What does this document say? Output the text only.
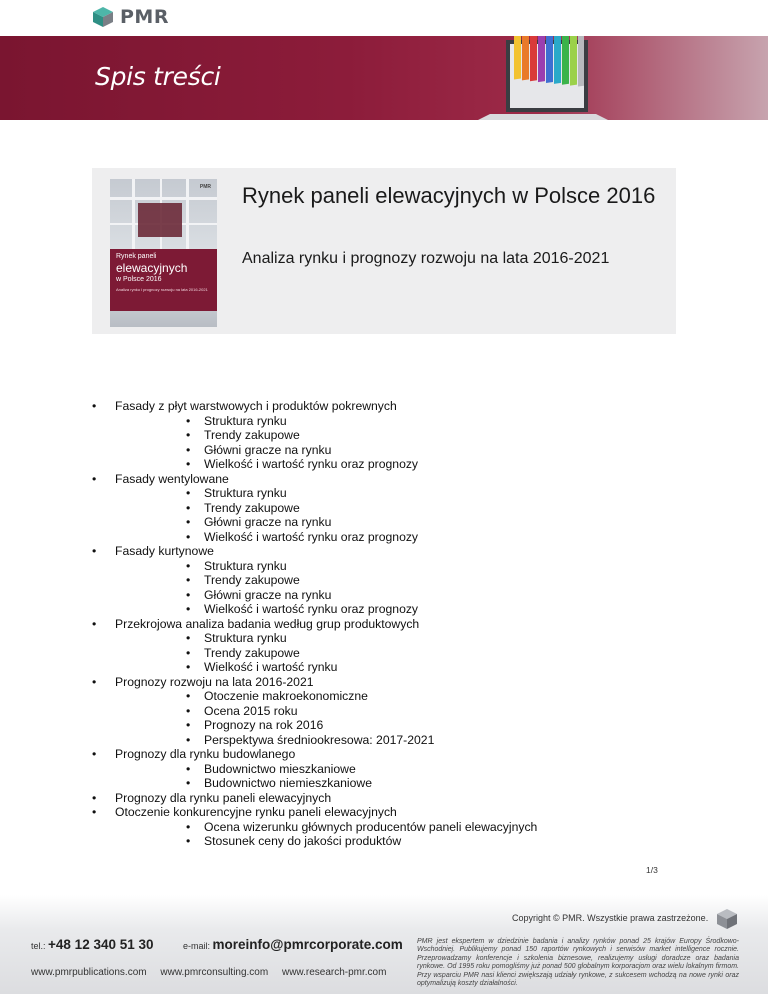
PMR
Spis treści
PMR
Rynek paneli
elewacyjnych
w Polsce 2016
Analiza rynku i prognozy rozwoju na lata 2016-2021
Rynek paneli elewacyjnych w Polsce 2016
Analiza rynku i prognozy rozwoju na lata 2016-2021
• Fasady z płyt warstwowych i produktów pokrewnych
• Struktura rynku
• Trendy zakupowe
• Główni gracze na rynku
• Wielkość i wartość rynku oraz prognozy
• Fasady wentylowane
• Struktura rynku
• Trendy zakupowe
• Główni gracze na rynku
• Wielkość i wartość rynku oraz prognozy
• Fasady kurtynowe
• Struktura rynku
• Trendy zakupowe
• Główni gracze na rynku
• Wielkość i wartość rynku oraz prognozy
• Przekrojowa analiza badania według grup produktowych
• Struktura rynku
• Trendy zakupowe
• Wielkość i wartość rynku
• Prognozy rozwoju na lata 2016-2021
• Otoczenie makroekonomiczne
• Ocena 2015 roku
• Prognozy na rok 2016
• Perspektywa średniookresowa: 2017-2021
• Prognozy dla rynku budowlanego
• Budownictwo mieszkaniowe
• Budownictwo niemieszkaniowe
• Prognozy dla rynku paneli elewacyjnych
• Otoczenie konkurencyjne rynku paneli elewacyjnych
• Ocena wizerunku głównych producentów paneli elewacyjnych
• Stosunek ceny do jakości produktów
1/3
Copyright © PMR. Wszystkie prawa zastrzeżone.
tel.: +48 12 340 51 30	e-mail: moreinfo@pmrcorporate.com
www.pmrpublications.com www.pmrconsulting.com www.research-pmr.com
PMR jest ekspertem w dziedzinie badania i analizy rynków ponad 25 krajów Europy Środkowo-Wschodniej. Publikujemy ponad 150 raportów rynkowych i serwisów market intelligence rocznie. Przeprowadzamy konferencje i szkolenia biznesowe, realizujemy usługi doradcze oraz badania rynkowe. Od 1995 roku pomogliśmy już ponad 500 globalnym korporacjom oraz wielu lokalnym firmom. Przy wsparciu PMR nasi klienci zwiększają udziały rynkowe, z sukcesem wchodzą na nowe rynki oraz optymalizują koszty działalności.
